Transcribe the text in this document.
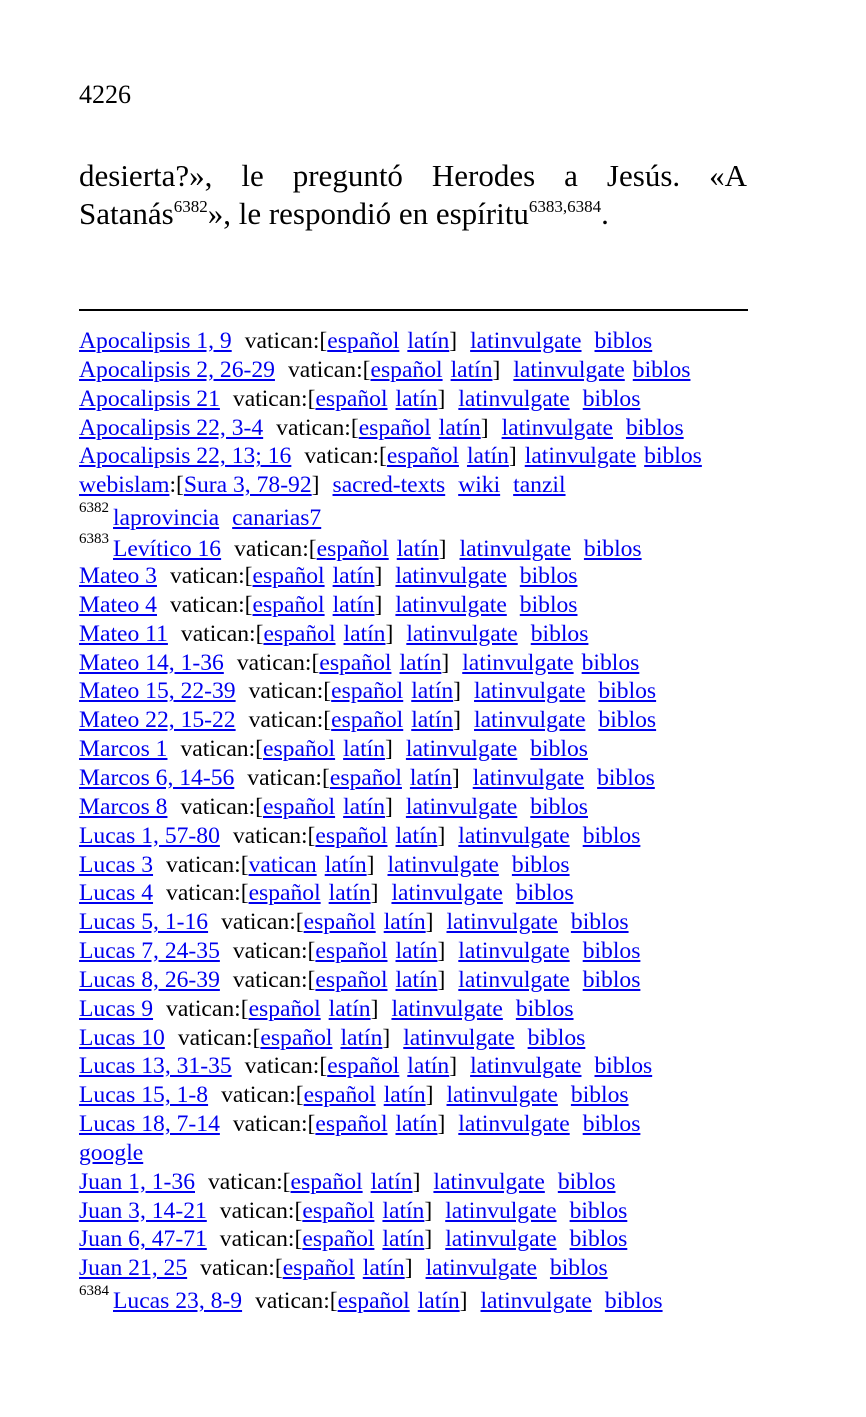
4226
desierta?», le preguntó Herodes a Jesús. «A Satanás$^{6382}$», le respondió en espíritu$^{6383,6384}$.
Apocalipsis 1, 9 vatican:[español latín] latinvulgate biblos
Apocalipsis 2, 26-29 vatican:[español latín] latinvulgate biblos
Apocalipsis 21 vatican:[español latín] latinvulgate biblos
Apocalipsis 22, 3-4 vatican:[español latín] latinvulgate biblos
Apocalipsis 22, 13; 16 vatican:[español latín] latinvulgate biblos
webislam:[Sura 3, 78-92] sacred-texts wiki tanzil
$^{6382}$ laprovincia canarias7
$^{6383}$ Levítico 16 vatican:[español latín] latinvulgate biblos
Mateo 3 vatican:[español latín] latinvulgate biblos
Mateo 4 vatican:[español latín] latinvulgate biblos
Mateo 11 vatican:[español latín] latinvulgate biblos
Mateo 14, 1-36 vatican:[español latín] latinvulgate biblos
Mateo 15, 22-39 vatican:[español latín] latinvulgate biblos
Mateo 22, 15-22 vatican:[español latín] latinvulgate biblos
Marcos 1 vatican:[español latín] latinvulgate biblos
Marcos 6, 14-56 vatican:[español latín] latinvulgate biblos
Marcos 8 vatican:[español latín] latinvulgate biblos
Lucas 1, 57-80 vatican:[español latín] latinvulgate biblos
Lucas 3 vatican:[vatican latín] latinvulgate biblos
Lucas 4 vatican:[español latín] latinvulgate biblos
Lucas 5, 1-16 vatican:[español latín] latinvulgate biblos
Lucas 7, 24-35 vatican:[español latín] latinvulgate biblos
Lucas 8, 26-39 vatican:[español latín] latinvulgate biblos
Lucas 9 vatican:[español latín] latinvulgate biblos
Lucas 10 vatican:[español latín] latinvulgate biblos
Lucas 13, 31-35 vatican:[español latín] latinvulgate biblos
Lucas 15, 1-8 vatican:[español latín] latinvulgate biblos
Lucas 18, 7-14 vatican:[español latín] latinvulgate biblos
google
Juan 1, 1-36 vatican:[español latín] latinvulgate biblos
Juan 3, 14-21 vatican:[español latín] latinvulgate biblos
Juan 6, 47-71 vatican:[español latín] latinvulgate biblos
Juan 21, 25 vatican:[español latín] latinvulgate biblos
$^{6384}$ Lucas 23, 8-9 vatican:[español latín] latinvulgate biblos
